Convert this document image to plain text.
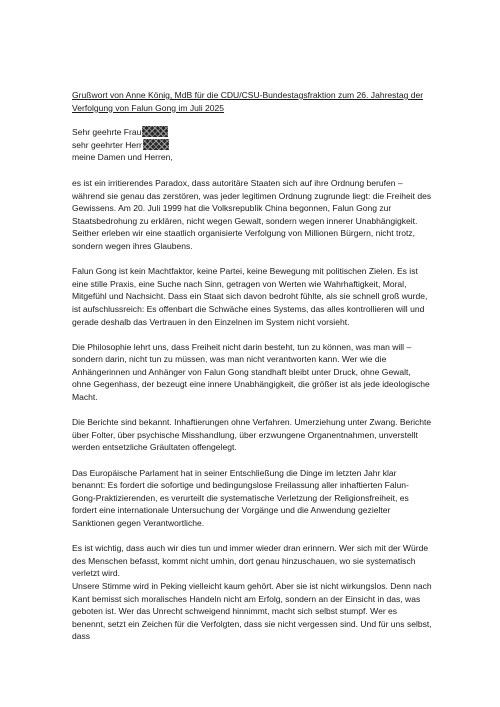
Grußwort von Anne König, MdB für die CDU/CSU-Bundestagsfraktion zum 26. Jahrestag der Verfolgung von Falun Gong im Juli 2025

Sehr geehrte Frau
sehr geehrter Herr
meine Damen und Herren,

es ist ein irritierendes Paradox, dass autoritäre Staaten sich auf ihre Ordnung berufen – während sie genau das zerstören, was jeder legitimen Ordnung zugrunde liegt: die Freiheit des Gewissens. Am 20. Juli 1999 hat die Volksrepublik China begonnen, Falun Gong zur Staatsbedrohung zu erklären, nicht wegen Gewalt, sondern wegen innerer Unabhängigkeit. Seither erleben wir eine staatlich organisierte Verfolgung von Millionen Bürgern, nicht trotz, sondern wegen ihres Glaubens.

Falun Gong ist kein Machtfaktor, keine Partei, keine Bewegung mit politischen Zielen. Es ist eine stille Praxis, eine Suche nach Sinn, getragen von Werten wie Wahrhaftigkeit, Moral, Mitgefühl und Nachsicht. Dass ein Staat sich davon bedroht fühlte, als sie schnell groß wurde, ist aufschlussreich: Es offenbart die Schwäche eines Systems, das alles kontrollieren will und gerade deshalb das Vertrauen in den Einzelnen im System nicht vorsieht.

Die Philosophie lehrt uns, dass Freiheit nicht darin besteht, tun zu können, was man will – sondern darin, nicht tun zu müssen, was man nicht verantworten kann. Wer wie die Anhängerinnen und Anhänger von Falun Gong standhaft bleibt unter Druck, ohne Gewalt, ohne Gegenhass, der bezeugt eine innere Unabhängigkeit, die größer ist als jede ideologische Macht.

Die Berichte sind bekannt. Inhaftierungen ohne Verfahren. Umerziehung unter Zwang. Berichte über Folter, über psychische Misshandlung, über erzwungene Organentnahmen, unverstellt werden entsetzliche Gräultaten offengelegt.

Das Europäische Parlament hat in seiner Entschließung die Dinge im letzten Jahr klar benannt: Es fordert die sofortige und bedingungslose Freilassung aller inhaftierten Falun-Gong-Praktizierenden, es verurteilt die systematische Verletzung der Religionsfreiheit, es fordert eine internationale Untersuchung der Vorgänge und die Anwendung gezielter Sanktionen gegen Verantwortliche.

Es ist wichtig, dass auch wir dies tun und immer wieder dran erinnern. Wer sich mit der Würde des Menschen befasst, kommt nicht umhin, dort genau hinzuschauen, wo sie systematisch verletzt wird.

Unsere Stimme wird in Peking vielleicht kaum gehört. Aber sie ist nicht wirkungslos. Denn nach Kant bemisst sich moralisches Handeln nicht am Erfolg, sondern an der Einsicht in das, was geboten ist. Wer das Unrecht schweigend hinnimmt, macht sich selbst stumpf. Wer es benennt, setzt ein Zeichen für die Verfolgten, dass sie nicht vergessen sind. Und für uns selbst, dass
